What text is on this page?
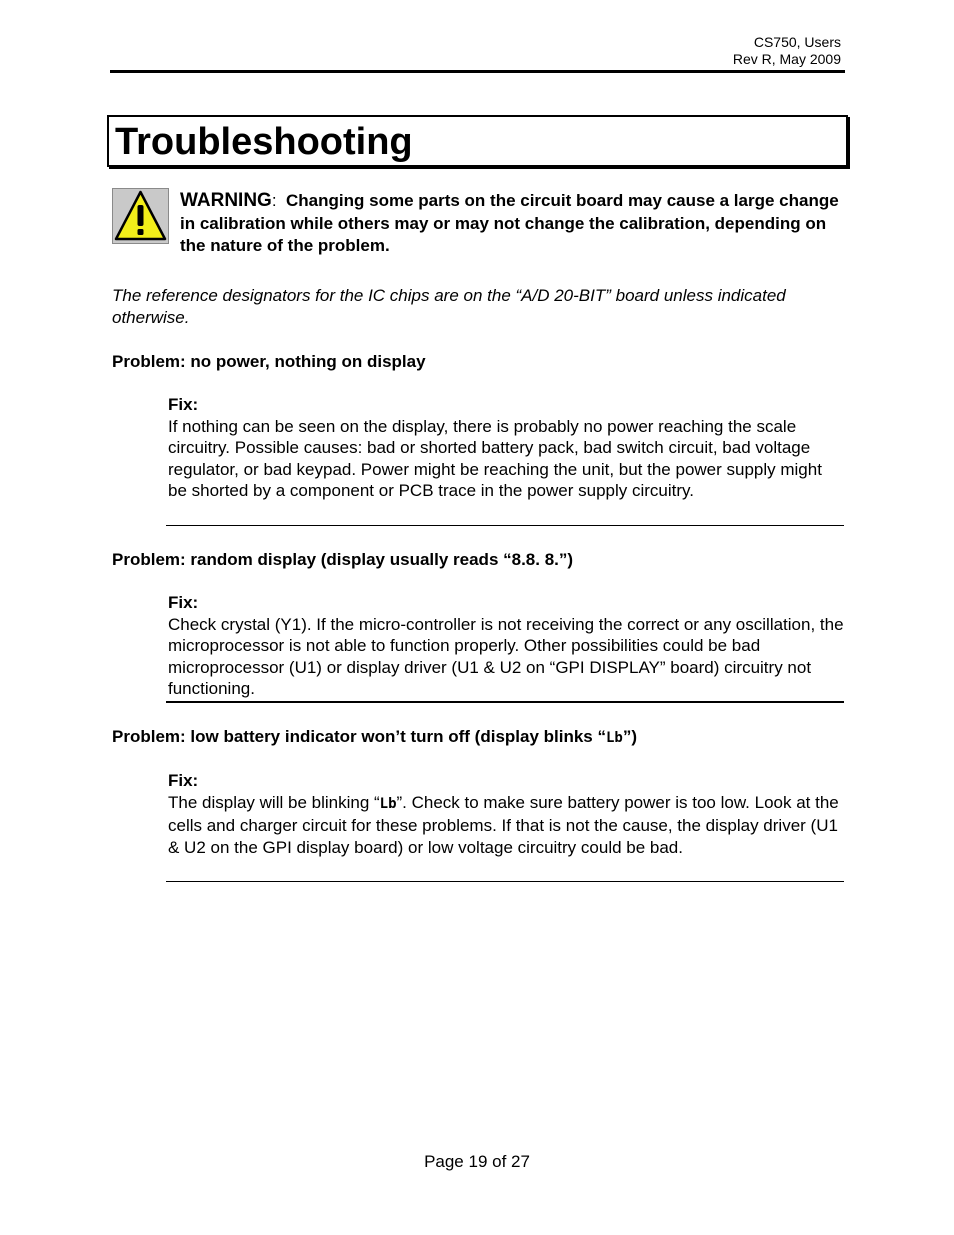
CS750, Users
Rev R, May 2009
Troubleshooting
WARNING: Changing some parts on the circuit board may cause a large change in calibration while others may or may not change the calibration, depending on the nature of the problem.
The reference designators for the IC chips are on the “A/D 20-BIT” board unless indicated otherwise.
Problem: no power, nothing on display
Fix:
If nothing can be seen on the display, there is probably no power reaching the scale circuitry. Possible causes: bad or shorted battery pack, bad switch circuit, bad voltage regulator, or bad keypad. Power might be reaching the unit, but the power supply might be shorted by a component or PCB trace in the power supply circuitry.
Problem: random display (display usually reads “8.8. 8.”)
Fix:
Check crystal (Y1). If the micro-controller is not receiving the correct or any oscillation, the microprocessor is not able to function properly. Other possibilities could be bad microprocessor (U1) or display driver (U1 & U2 on “GPI DISPLAY” board) circuitry not functioning.
Problem: low battery indicator won’t turn off (display blinks “Lb”)
Fix:
The display will be blinking “Lb”. Check to make sure battery power is too low. Look at the cells and charger circuit for these problems. If that is not the cause, the display driver (U1 & U2 on the GPI display board) or low voltage circuitry could be bad.
Page 19 of 27
